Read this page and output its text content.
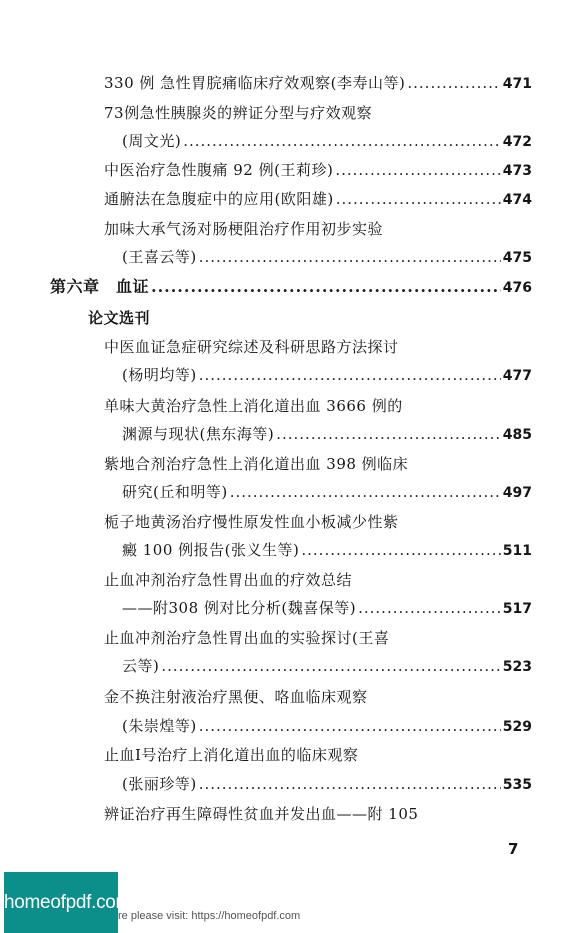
330 例 急性胃脘痛临床疗效观察(李寿山等) .....	471
73例急性胰腺炎的辨证分型与疗效观察
(周文光) .....	472
中医治疗急性腹痛 92 例(王莉珍) .....	473
通腑法在急腹症中的应用(欧阳雄) .....	474
加味大承气汤对肠梗阻治疗作用初步实验
(王喜云等) .....	475
第六章　血证 .....	476
论文选刊
中医血证急症研究综述及科研思路方法探讨
(杨明均等) .....	477
单味大黄治疗急性上消化道出血 3666 例的
渊源与现状(焦东海等) .....	485
紫地合剂治疗急性上消化道出血 398 例临床
研究(丘和明等) .....	497
栀子地黄汤治疗慢性原发性血小板减少性紫
癜 100 例报告(张义生等) .....	511
止血冲剂治疗急性胃出血的疗效总结
——附308 例对比分析(魏喜保等) .....	517
止血冲剂治疗急性胃出血的实验探讨(王喜
云等) .....	523
金不换注射液治疗黑便、咯血临床观察
(朱崇煌等) .....	529
止血Ⅰ号治疗上消化道出血的临床观察
(张丽珍等) .....	535
辨证治疗再生障碍性贫血并发出血——附 105
7
homeofpdf.com
re please visit: https://homeofpdf.com
